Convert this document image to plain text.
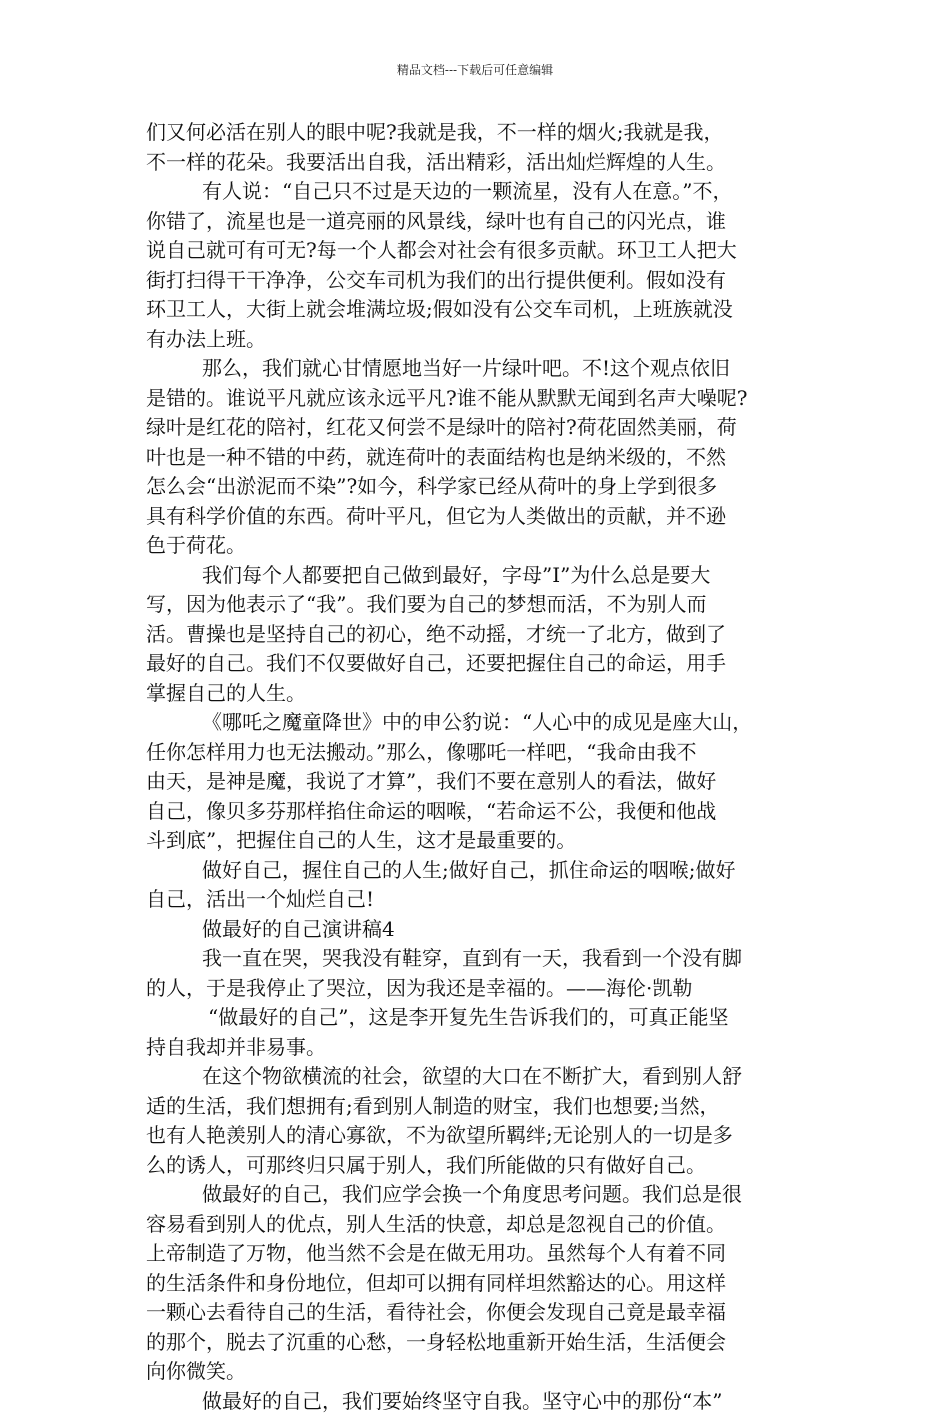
精品文档---下载后可任意编辑
们又何必活在别人的眼中呢?我就是我，不一样的烟火;我就是我，
不一样的花朵。我要活出自我，活出精彩，活出灿烂辉煌的人生。
有人说：“自己只不过是天边的一颗流星，没有人在意。”不，
你错了，流星也是一道亮丽的风景线，绿叶也有自己的闪光点，谁
说自己就可有可无?每一个人都会对社会有很多贡献。环卫工人把大
街打扫得干干净净，公交车司机为我们的出行提供便利。假如没有
环卫工人，大街上就会堆满垃圾;假如没有公交车司机，上班族就没
有办法上班。
那么，我们就心甘情愿地当好一片绿叶吧。不!这个观点依旧
是错的。谁说平凡就应该永远平凡?谁不能从默默无闻到名声大噪呢?
绿叶是红花的陪衬，红花又何尝不是绿叶的陪衬?荷花固然美丽，荷
叶也是一种不错的中药，就连荷叶的表面结构也是纳米级的，不然
怎么会“出淤泥而不染”?如今，科学家已经从荷叶的身上学到很多
具有科学价值的东西。荷叶平凡，但它为人类做出的贡献，并不逊
色于荷花。
我们每个人都要把自己做到最好，字母”I”为什么总是要大
写，因为他表示了“我”。我们要为自己的梦想而活，不为别人而
活。曹操也是坚持自己的初心，绝不动摇，才统一了北方，做到了
最好的自己。我们不仅要做好自己，还要把握住自己的命运，用手
掌握自己的人生。
《哪吒之魔童降世》中的申公豹说：“人心中的成见是座大山，
任你怎样用力也无法搬动。”那么，像哪吒一样吧，“我命由我不
由天，是神是魔，我说了才算”，我们不要在意别人的看法，做好
自己，像贝多芬那样掐住命运的咽喉，“若命运不公，我便和他战
斗到底”，把握住自己的人生，这才是最重要的。
做好自己，握住自己的人生;做好自己，抓住命运的咽喉;做好
自己，活出一个灿烂自己!
做最好的自己演讲稿4
我一直在哭，哭我没有鞋穿，直到有一天，我看到一个没有脚
的人，于是我停止了哭泣，因为我还是幸福的。——海伦·凯勒
“做最好的自己”，这是李开复先生告诉我们的，可真正能坚
持自我却并非易事。
在这个物欲横流的社会，欲望的大口在不断扩大，看到别人舒
适的生活，我们想拥有;看到别人制造的财宝，我们也想要;当然，
也有人艳羡别人的清心寡欲，不为欲望所羁绊;无论别人的一切是多
么的诱人，可那终归只属于别人，我们所能做的只有做好自己。
做最好的自己，我们应学会换一个角度思考问题。我们总是很
容易看到别人的优点，别人生活的快意，却总是忽视自己的价值。
上帝制造了万物，他当然不会是在做无用功。虽然每个人有着不同
的生活条件和身份地位，但却可以拥有同样坦然豁达的心。用这样
一颗心去看待自己的生活，看待社会，你便会发现自己竟是最幸福
的那个，脱去了沉重的心愁，一身轻松地重新开始生活，生活便会
向你微笑。
做最好的自己，我们要始终坚守自我。坚守心中的那份“本”
